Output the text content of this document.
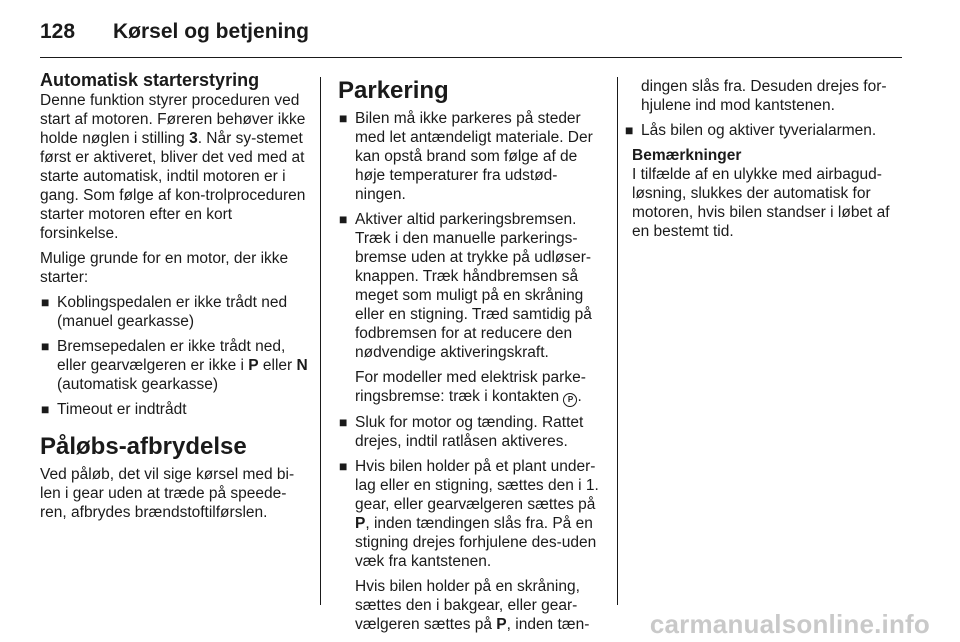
128 Kørsel og betjening
Automatisk starterstyring

Denne funktion styrer proceduren ved start af motoren. Føreren behøver ikke holde nøglen i stilling 3. Når sy-stemet først er aktiveret, bliver det ved med at starte automatisk, indtil motoren er i gang. Som følge af kon-trolproceduren starter motoren efter en kort forsinkelse.

Mulige grunde for en motor, der ikke starter:

■ Koblingspedalen er ikke trådt ned (manuel gearkasse)
■ Bremsepedalen er ikke trådt ned, eller gearvælgeren er ikke i P eller N (automatisk gearkasse)
■ Timeout er indtrådt
Påløbs-afbrydelse

Ved påløb, det vil sige kørsel med bi-len i gear uden at træde på speede-ren, afbrydes brændstoftilførslen.

Parkering
■ Bilen må ikke parkeres på steder med let antændeligt materiale. Der kan opstå brand som følge af de høje temperaturer fra udstød-ningen.
■ Aktiver altid parkeringsbremsen. Træk i den manuelle parkerings-bremse uden at trykke på udløser-knappen. Træk håndbremsen så meget som muligt på en skråning eller en stigning. Træd samtidig på fodbremsen for at reducere den nødvendige aktiveringskraft.

For modeller med elektrisk parke-ringsbremse: træk i kontakten P .

■ Sluk for motor og tænding. Rattet drejes, indtil ratlåsen aktiveres.
■ Hvis bilen holder på et plant under-lag eller en stigning, sættes den i 1. gear, eller gearvælgeren sættes på P, inden tændingen slås fra. På en stigning drejes forhjulene des-uden væk fra kantstenen.

Hvis bilen holder på en skråning, sættes den i bakgear, eller gear-vælgeren sættes på P, inden tæn-

dingen slås fra. Desuden drejes for-hjulene ind mod kantstenen.

■ Lås bilen og aktiver tyverialarmen.
Bemærkninger
I tilfælde af en ulykke med airbagud-løsning, slukkes der automatisk for motoren, hvis bilen standser i løbet af en bestemt tid.
carmanualsonline.info
